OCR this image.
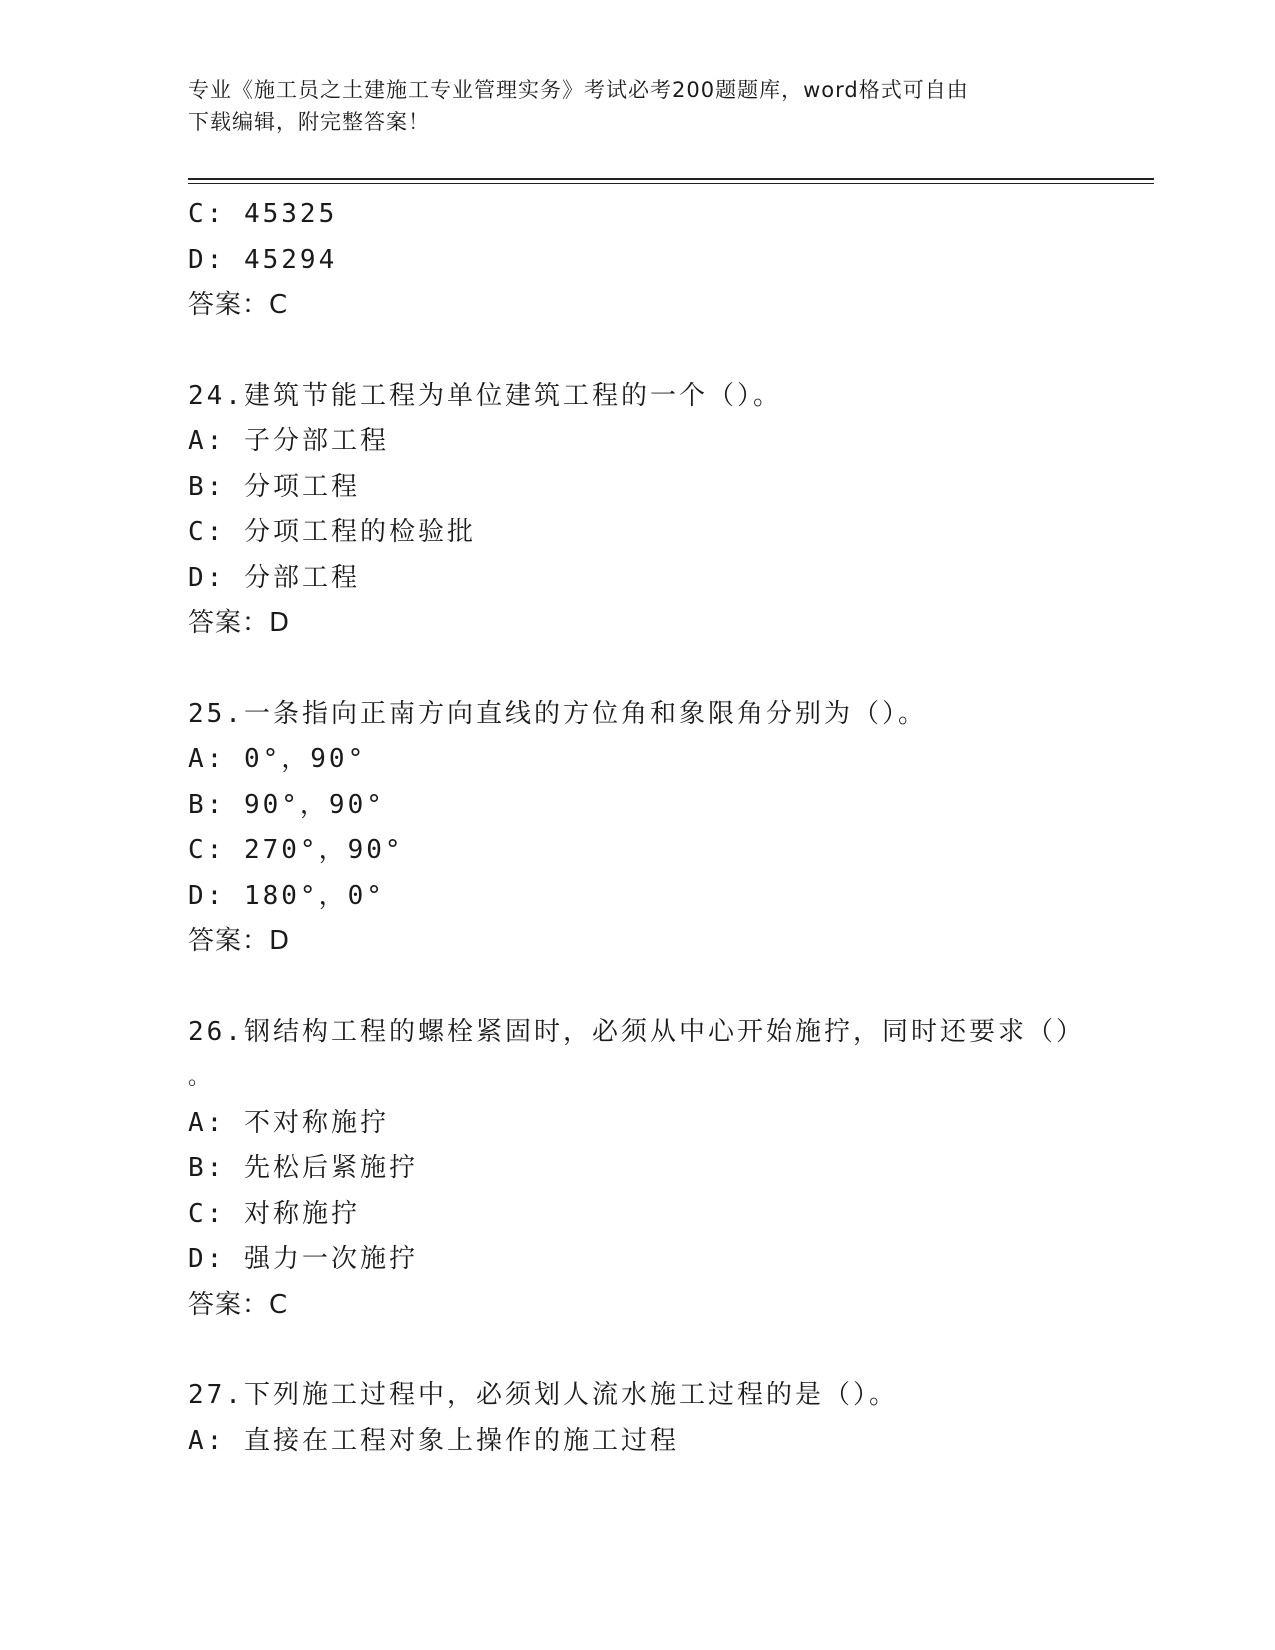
专业《施工员之土建施工专业管理实务》考试必考200题题库，word格式可自由
下载编辑，附完整答案！
C: 45325
D: 45294
答案：C
24.建筑节能工程为单位建筑工程的一个（）。
A: 子分部工程
B: 分项工程
C: 分项工程的检验批
D: 分部工程
答案：D
25.一条指向正南方向直线的方位角和象限角分别为（）。
A: 0°，90°
B: 90°，90°
C: 270°，90°
D: 180°，0°
答案：D
26.钢结构工程的螺栓紧固时，必须从中心开始施拧，同时还要求（）
。
A: 不对称施拧
B: 先松后紧施拧
C: 对称施拧
D: 强力一次施拧
答案：C
27.下列施工过程中，必须划人流水施工过程的是（）。
A: 直接在工程对象上操作的施工过程
